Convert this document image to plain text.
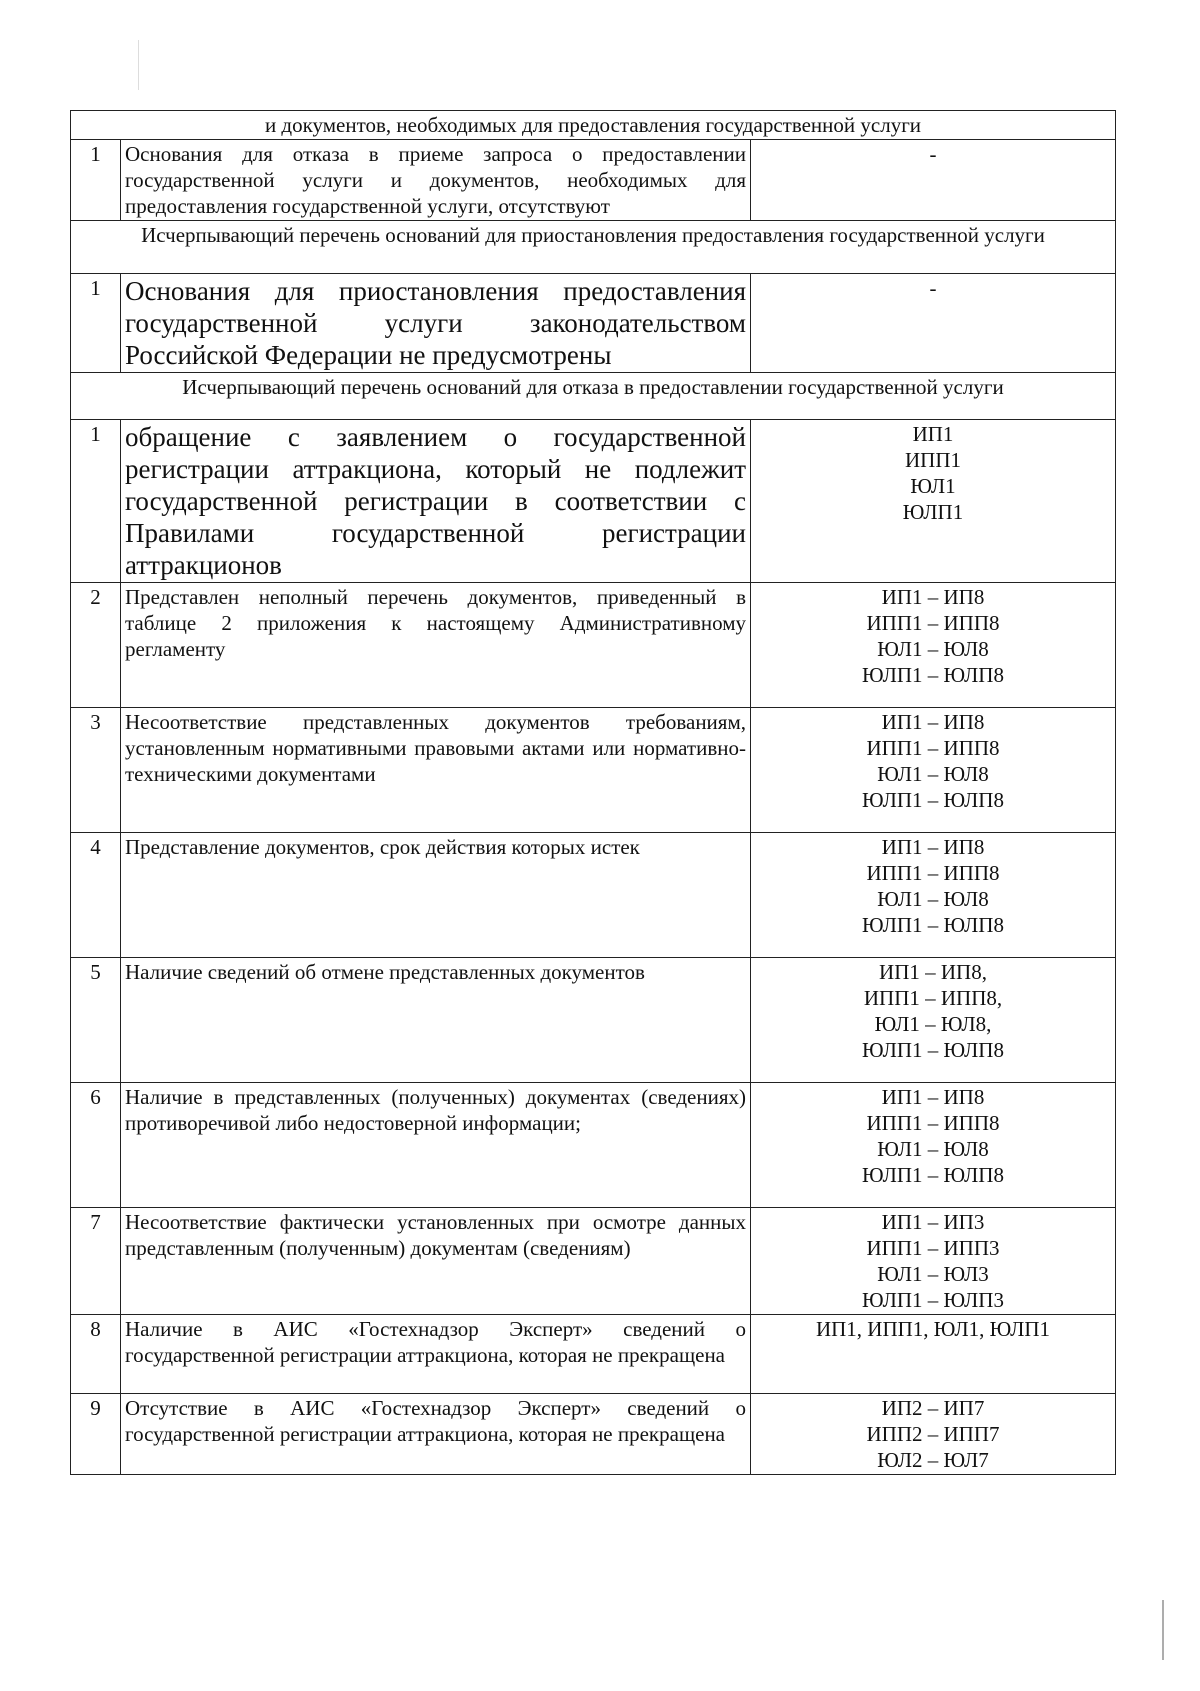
и документов, необходимых для предоставления государственной услуги		
1	Основания для отказа в приеме запроса о предоставлении государственной услуги и документов, необходимых для предоставления государственной услуги, отсутствуют	-

Исчерпывающий перечень оснований для приостановления предоставления государственной услуги		
1	Основания для приостановления предоставления государственной услуги законодательством Российской Федерации не предусмотрены	-

Исчерпывающий перечень оснований для отказа в предоставлении государственной услуги		
1	обращение с заявлением о государственной регистрации аттракциона, который не подлежит государственной регистрации в соответствии с Правилами государственной регистрации аттракционов	ИП1
ИПП1
ЮЛ1
ЮЛП1

2	Представлен неполный перечень документов, приведенный в таблице 2 приложения к настоящему Административному регламенту	ИП1 – ИП8
ИПП1 – ИПП8
ЮЛ1 – ЮЛ8
ЮЛП1 – ЮЛП8

3	Несоответствие представленных документов требованиям, установленным нормативными правовыми актами или нормативно-техническими документами	ИП1 – ИП8
ИПП1 – ИПП8
ЮЛ1 – ЮЛ8
ЮЛП1 – ЮЛП8

4	Представление документов, срок действия которых истек	ИП1 – ИП8
ИПП1 – ИПП8
ЮЛ1 – ЮЛ8
ЮЛП1 – ЮЛП8

5	Наличие сведений об отмене представленных документов	ИП1 – ИП8,
ИПП1 – ИПП8,
ЮЛ1 – ЮЛ8,
ЮЛП1 – ЮЛП8

6	Наличие в представленных (полученных) документах (сведениях) противоречивой либо недостоверной информации;	ИП1 – ИП8
ИПП1 – ИПП8
ЮЛ1 – ЮЛ8
ЮЛП1 – ЮЛП8

7	Несоответствие фактически установленных при осмотре данных представленным (полученным) документам (сведениям)	ИП1 – ИП3
ИПП1 – ИПП3
ЮЛ1 – ЮЛ3
ЮЛП1 – ЮЛП3

8	Наличие в АИС «Гостехнадзор Эксперт» сведений о государственной регистрации аттракциона, которая не прекращена	ИП1, ИПП1, ЮЛ1, ЮЛП1

9	Отсутствие в АИС «Гостехнадзор Эксперт» сведений о государственной регистрации аттракциона, которая не прекращена	ИП2 – ИП7
ИПП2 – ИПП7
ЮЛ2 – ЮЛ7
